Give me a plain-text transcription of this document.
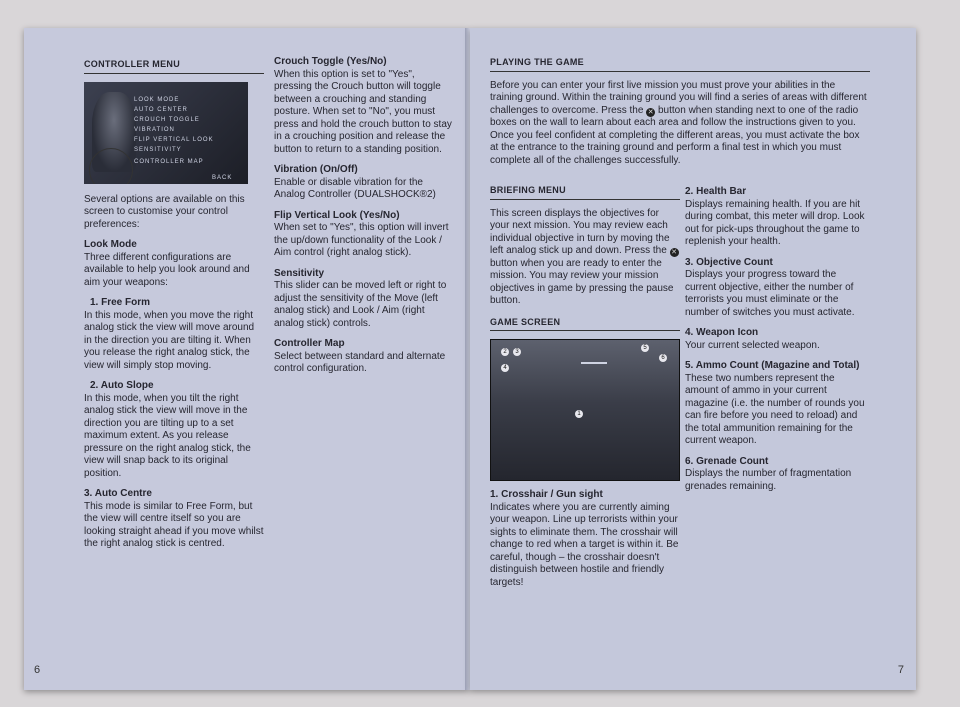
CONTROLLER MENU
LOOK MODE
AUTO CENTER
CROUCH TOGGLE
VIBRATION
FLIP VERTICAL LOOK
SENSITIVITY
CONTROLLER MAP
BACK

Several options are available on this screen to customise your control preferences:

Look Mode

Three different configurations are available to help you look around and aim your weapons:

1. Free Form

In this mode, when you move the right analog stick the view will move around in the direction you are tilting it. When you release the right analog stick, the view will simply stop moving.

2. Auto Slope

In this mode, when you tilt the right analog stick the view will move in the direction you are tilting up to a set maximum extent. As you release pressure on the right analog stick, the view will snap back to its original position.

3. Auto Centre

This mode is similar to Free Form, but the view will centre itself so you are looking straight ahead if you move whilst the right analog stick is centred.

Crouch Toggle (Yes/No)

When this option is set to "Yes", pressing the Crouch button will toggle between a crouching and standing posture. When set to "No", you must press and hold the crouch button to stay in a crouching position and release the button to return to a standing position.

Vibration (On/Off)

Enable or disable vibration for the Analog Controller (DUALSHOCK®2)

Flip Vertical Look (Yes/No)

When set to "Yes", this option will invert the up/down functionality of the Look / Aim control (right analog stick).

Sensitivity

This slider can be moved left or right to adjust the sensitivity of the Move (left analog stick) and Look / Aim (right analog stick) controls.

Controller Map

Select between standard and alternate control configuration.

6
PLAYING THE GAME

Before you can enter your first live mission you must prove your abilities in the training ground. Within the training ground you will find a series of areas with different challenges to overcome. Press the ✕ button when standing next to one of the radio boxes on the wall to learn about each area and follow the instructions given to you. Once you feel confident at completing the different areas, you must activate the box at the entrance to the training ground and perform a final test in which you must complete all of the challenges successfully.

BRIEFING MENU

This screen displays the objectives for your next mission. You may review each individual objective in turn by moving the left analog stick up and down. Press the ✕ button when you are ready to enter the mission. You may review your mission objectives in game by pressing the pause button.

GAME SCREEN
2	3
4
5
6
1
1. Crosshair / Gun sight

Indicates where you are currently aiming your weapon. Line up terrorists within your sights to eliminate them. The crosshair will change to red when a target is within it. Be careful, though – the crosshair doesn't distinguish between hostile and friendly targets!

2. Health Bar

Displays remaining health. If you are hit during combat, this meter will drop. Look out for pick-ups throughout the game to replenish your health.

3. Objective Count

Displays your progress toward the current objective, either the number of terrorists you must eliminate or the number of switches you must activate.

4. Weapon Icon

Your current selected weapon.

5. Ammo Count (Magazine and Total)

These two numbers represent the amount of ammo in your current magazine (i.e. the number of rounds you can fire before you need to reload) and the total ammunition remaining for the current weapon.

6. Grenade Count

Displays the number of fragmentation grenades remaining.

7
